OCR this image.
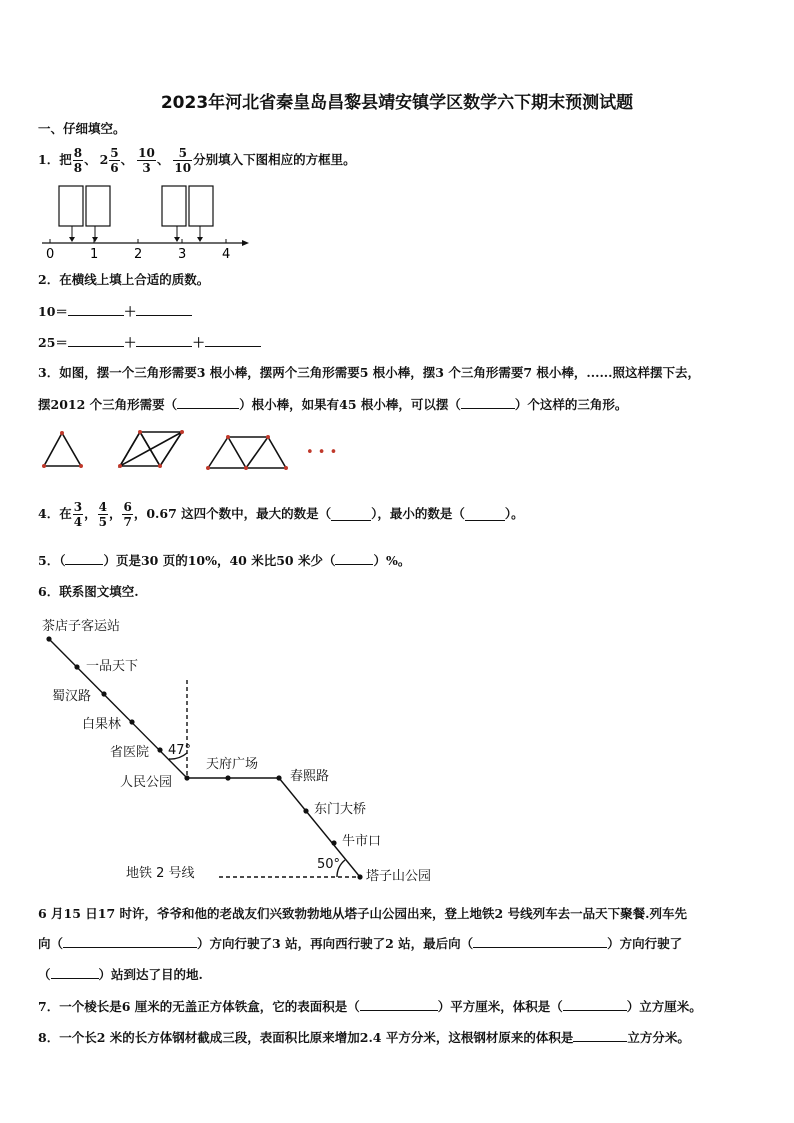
2023年河北省秦皇岛昌黎县靖安镇学区数学六下期末预测试题
一、仔细填空。
1． 把 $\frac{8}{8}$ 、 $2 \frac{5}{6}$ 、 $\frac{10}{3}$ 、 $\frac{5}{10}$ 分别填入下图相应的方框里。
0	1	2	3	4
2．在横线上填上合适的质数。
10＝	＋
25＝	＋	＋
3．如图，摆一个三角形需要3 根小棒，摆两个三角形需要5 根小棒，摆3 个三角形需要7 根小棒，......照这样摆下去，
摆2012 个三角形需要（	）根小棒，如果有45 根小棒，可以摆（	）个这样的三角形。
• • •
4．在 $\frac{3}{4}$ ， $\frac{4}{5}$ ， $\frac{6}{7}$ ， 0.67 这四个数中，最大的数是（	），最小的数是（	）。
5．（	）页是30 页的10%，40 米比50 米少（	）%。
6．联系图文填空.
茶店子客运站
一品天下
蜀汉路
白果林
省医院
人民公园
天府广场
春熙路
东门大桥
牛市口
塔子山公园
47°
50°
地铁 2 号线
6 月15 日17 时许，爷爷和他的老战友们兴致勃勃地从塔子山公园出来，登上地铁2 号线列车去一品天下聚餐.列车先
向（	）方向行驶了3 站，再向西行驶了2 站，最后向（	）方向行驶了
（	）站到达了目的地.
7．一个棱长是6 厘米的无盖正方体铁盒，它的表面积是（	）平方厘米，体积是（	）立方厘米。
8．一个长2 米的长方体钢材截成三段，表面积比原来增加2.4 平方分米，这根钢材原来的体积是	立方分米。
